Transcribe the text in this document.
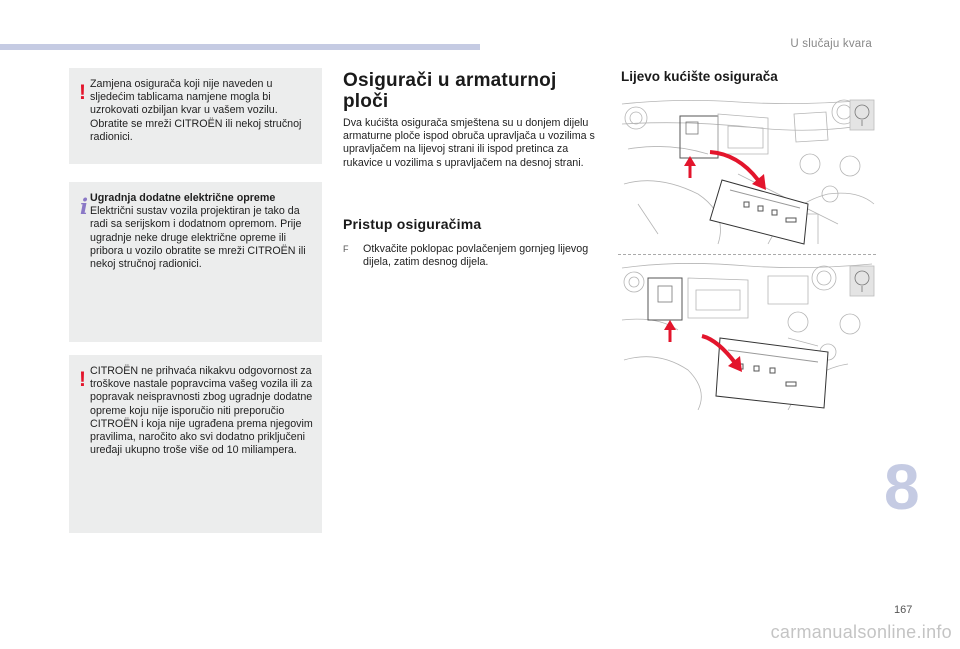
U slučaju kvara
! Zamjena osigurača koji nije naveden u sljedećim tablicama namjene mogla bi uzrokovati ozbiljan kvar u vašem vozilu. Obratite se mreži CITROËN ili nekoj stručnoj radionici.
i Ugradnja dodatne električne opreme
Električni sustav vozila projektiran je tako da radi sa serijskom i dodatnom opremom. Prije ugradnje neke druge električne opreme ili pribora u vozilo obratite se mreži CITROËN ili nekoj stručnoj radionici.
! CITROËN ne prihvaća nikakvu odgovornost za troškove nastale popravcima vašeg vozila ili za popravak neispravnosti zbog ugradnje dodatne opreme koju nije isporučio niti preporučio CITROËN i koja nije ugrađena prema njegovim pravilima, naročito ako svi dodatno priključeni uređaji ukupno troše više od 10 miliampera.
Osigurači u armaturnoj ploči
Dva kućišta osigurača smještena su u donjem dijelu armaturne ploče ispod obruča upravljača u vozilima s upravljačem na lijevoj strani ili ispod pretinca za rukavice u vozilima s upravljačem na desnoj strani.
Pristup osiguračima
F	Otkvačite poklopac povlačenjem gornjeg lijevog dijela, zatim desnog dijela.
Lijevo kućište osigurača
8
167
carmanualsonline.info
